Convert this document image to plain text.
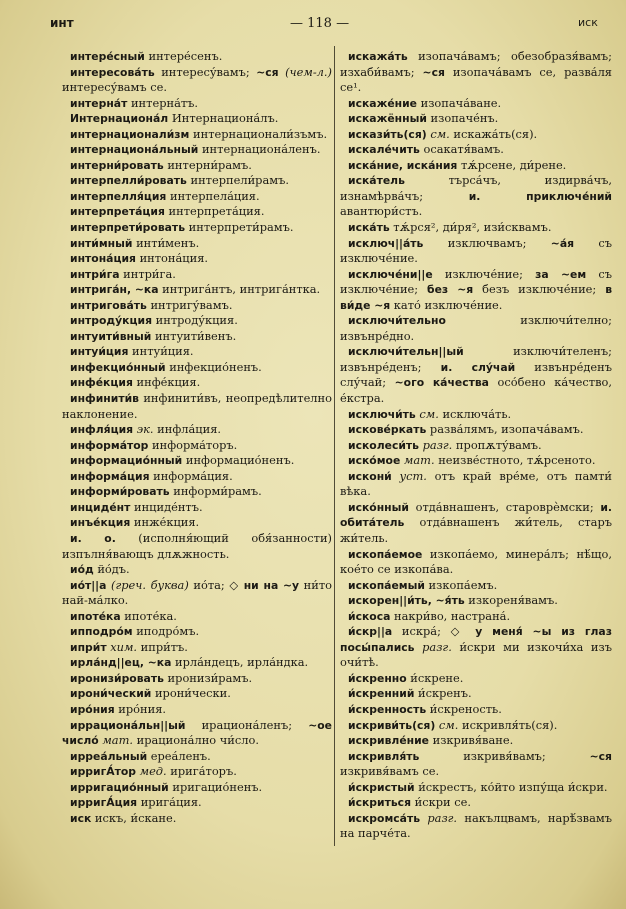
инт	— 118 —	иск

интере́сный интере́сенъ.

интересова́ть интересу́вамъ; ~ся (чем-л.) интересу́вамъ се.

интерна́т интерна́тъ.

Интернациона́л Интернациона́лъ.

интернационали́зм интернационали́зъмъ.

интернациона́льный интернациона́ленъ.

интерни́ровать интерни́рамъ.

интерпелли́ровать интерпели́рамъ.

интерпелля́ция интерпела́ция.

интерпрета́ция интерпрета́ция.

интерпрети́ровать интерпрети́рамъ.

инти́мный инти́менъ.

интона́ция интона́ция.

интри́га интри́га.

интрига́н, ~ка интрига́нтъ, интрига́нтка.

интригова́ть интригу́вамъ.

интроду́кция интроду́кция.

интуити́вный интуити́венъ.

интуи́ция интуи́ция.

инфекцио́нный инфекцио́ненъ.

инфе́кция инфе́кция.

инфинити́в инфинити́въ, неопредѣлително наклонение.

инфля́ция эк. инфла́ция.

информа́тор информа́торъ.

информацио́нный информацио́ненъ.

информа́ция информа́ция.

информи́ровать информи́рамъ.

инциде́нт инциде́нтъ.

инъе́кция инже́кция.

и. о. (исполня́ющий обя́занности) изпълня́вающъ длѫжность.

ио́д йо́дъ.

ио́т||а (греч. буква) ио́та; ◇ ни на ~у ни́то най-ма́лко.

ипоте́ка ипоте́ка.

ипподро́м иподро́мъ.

ипри́т хим. ипри́тъ.

ирла́нд||ец, ~ка ирла́ндецъ, ирла́ндка.

иронизи́ровать иронизи́рамъ.

ирони́ческий ирони́чески.

иро́ния иро́ния.

иррациона́льн||ый ирациона́ленъ; ~ое число́ мат. ирациона́лно чи́сло.

ирреа́льный ереа́ленъ.

ирригА́тор мед. ирига́торъ.

ирригацио́нный иригацио́ненъ.

ирригА́ция ирига́ция.

иск искъ, и́скане.

искажа́ть изопача́вамъ; обезобразя́вамъ; изхаби́вамъ; ~ся изопача́вамъ се, разва́ля се¹.

искаже́ние изопача́ване.

искажённый изопаче́нъ.

искази́ть(ся) см. искажа́ть(ся).

искале́чить осакатя́вамъ.

иска́ние, иска́ния тѫ́рсене, ди́рене.

иска́тель търса́чъ, издирва́чъ, изнамѣрва́чъ; и. приключе́ний авантюри́стъ.

иска́ть тѫ́рся², ди́ря², изи́сквамъ.

исключ||а́ть изключвамъ; ~а́я съ изключе́ние.

исключе́ни||е изключе́ние; за ~ем съ изключе́ние; без ~я безъ изключе́ние; в ви́де ~я като́ изключе́ние.

исключи́тельно изключи́телно; извънре́дно.

исключи́тельн||ый изключи́теленъ; извънре́денъ; и. слу́чай извънре́денъ слу́чай; ~ого ка́чества осо́бено ка́чество, е́кстра.

исключи́ть см. исключа́ть.

искове́ркать разва́лямъ, изопача́вамъ.

исколеси́ть разг. пропѫту́вамъ.

иско́мое мат. неизве́стното, тѫ́рсеното.

искони́ уст. отъ край вре́ме, отъ памти́ вѣка.

иско́нный отда́внашенъ, староврѐмски; и. обита́тель отда́внашенъ жи́тель, старъ жи́тель.

ископа́емое изкопа́емо, минера́лъ; нѣ́що, кое́то се изкопа́ва.

ископа́емый изкопа́емъ.

искорен||и́ть, ~я́ть изкореня́вамъ.

и́скоса накри́во, настрана́.

и́скр||а искра́; ◇ у меня́ ~ы из глаз посы́пались разг. и́скри ми изкочи́ха изъ очи́тѣ.

и́скренно и́скрене.

и́скренний и́скренъ.

и́скренность и́скреность.

искриви́ть(ся) см. искривля́ть(ся).

искривле́ние изкривя́ване.

искривля́ть изкривя́вамъ; ~ся изкривя́вамъ се.

и́скристый и́скрестъ, ко́йто изпу́ща и́скри.

и́скриться и́скри се.

искромса́ть разг. накълцвамъ, нарѣ́звамъ на парче́та.
